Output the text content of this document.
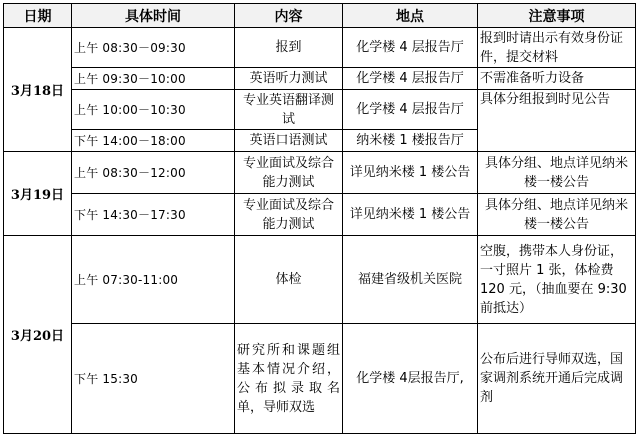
日期	具体时间	内容	地点	注意事项
3月18日	上午 08:30－09:30	报到	化学楼 4 层报告厅	报到时请出示有效身份证件，提交材料
	上午 09:30－10:00	英语听力测试	化学楼 4 层报告厅	不需准备听力设备
	上午 10:00－10:30	专业英语翻译测试	化学楼 4 层报告厅	具体分组报到时见公告
	下午 14:00－18:00	英语口语测试	纳米楼 1 楼报告厅	
3月19日	上午 08:30－12:00	专业面试及综合能力测试	详见纳米楼 1 楼公告	具体分组、地点详见纳米楼一楼公告
	下午 14:30－17:30	专业面试及综合能力测试	详见纳米楼 1 楼公告	具体分组、地点详见纳米楼一楼公告
3月20日	上午 07:30-11:00	体检	福建省级机关医院	空腹，携带本人身份证，一寸照片 1 张，体检费 120 元，（抽血要在 9:30 前抵达）
	下午 15:30	研究所和课题组基本情况介绍，公布拟录取名单，导师双选	化学楼 4层报告厅,	公布后进行导师双选，国家调剂系统开通后完成调剂
